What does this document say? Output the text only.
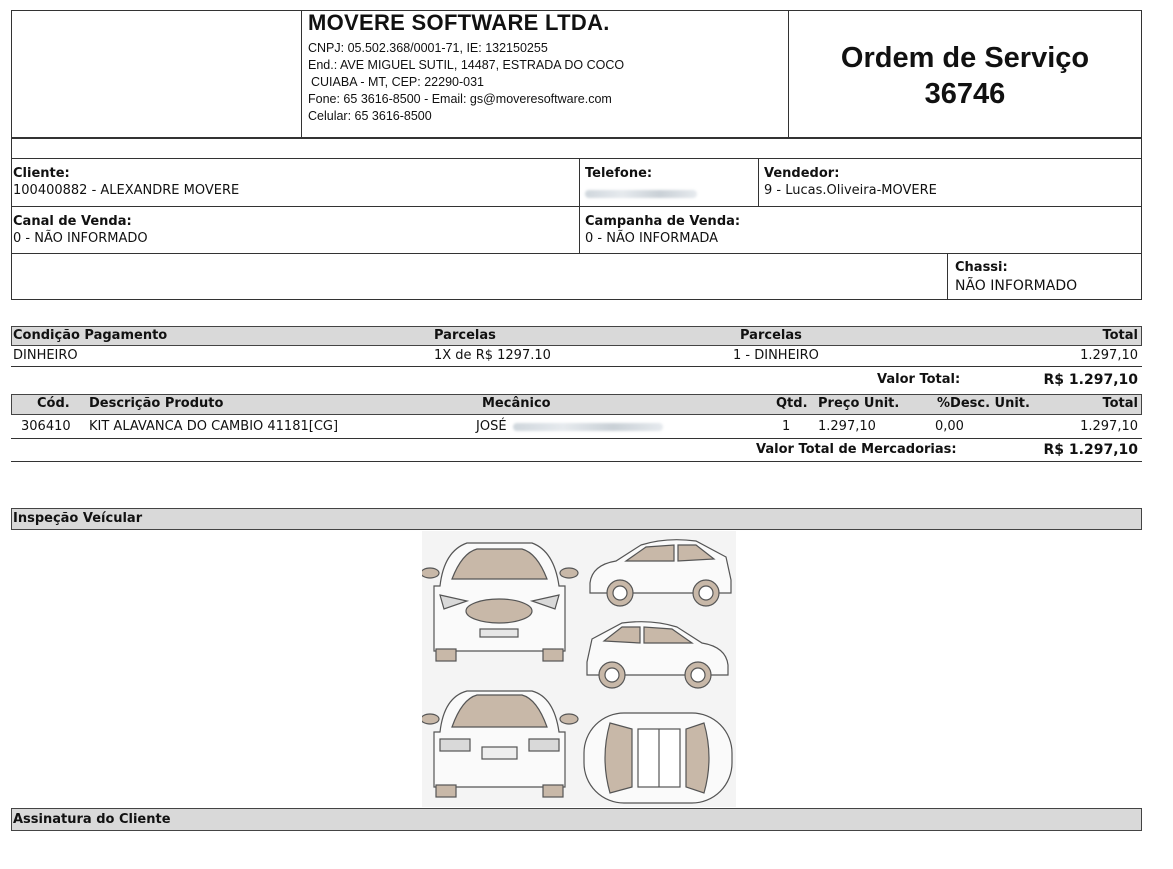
MOVERE SOFTWARE LTDA.
CNPJ: 05.502.368/0001-71, IE: 132150255
End.: AVE MIGUEL SUTIL, 14487, ESTRADA DO COCO
CUIABA - MT, CEP: 22290-031
Fone: 65 3616-8500 - Email: gs@moveresoftware.com
Celular: 65 3616-8500
Ordem de Serviço
36746
Cliente:
100400882 - ALEXANDRE MOVERE
Telefone:	Vendedor:
9 - Lucas.Oliveira-MOVERE
Canal de Venda:
0 - NÃO INFORMADO
Campanha de Venda:
0 - NÃO INFORMADA
Chassi:
NÃO INFORMADO
Condição Pagamento	Parcelas	Parcelas	Total
DINHEIRO	1X de R$ 1297.10	1 - DINHEIRO	1.297,10
Valor Total:	R$ 1.297,10
Cód. Descrição Produto	Mecânico	Qtd. Preço Unit.	%Desc. Unit.	Total
306410 KIT ALAVANCA DO CAMBIO 41181[CG]	JOSÉ	1 1.297,10	0,00	1.297,10
Valor Total de Mercadorias:	R$ 1.297,10
Inspeção Veícular
Assinatura do Cliente
